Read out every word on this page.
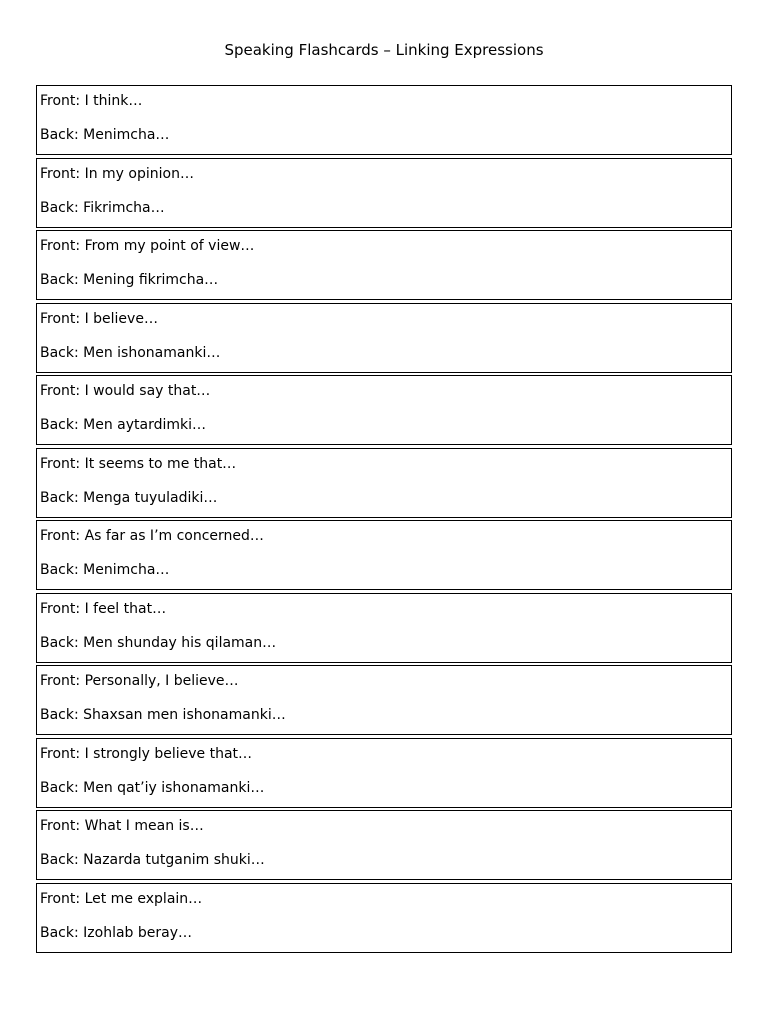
Speaking Flashcards – Linking Expressions
Front: I think…
Back: Menimcha…
Front: In my opinion…
Back: Fikrimcha…
Front: From my point of view…
Back: Mening fikrimcha…
Front: I believe…
Back: Men ishonamanki…
Front: I would say that…
Back: Men aytardimki…
Front: It seems to me that…
Back: Menga tuyuladiki…
Front: As far as I’m concerned…
Back: Menimcha…
Front: I feel that…
Back: Men shunday his qilaman…
Front: Personally, I believe…
Back: Shaxsan men ishonamanki…
Front: I strongly believe that…
Back: Men qat’iy ishonamanki…
Front: What I mean is…
Back: Nazarda tutganim shuki…
Front: Let me explain…
Back: Izohlab beray…
